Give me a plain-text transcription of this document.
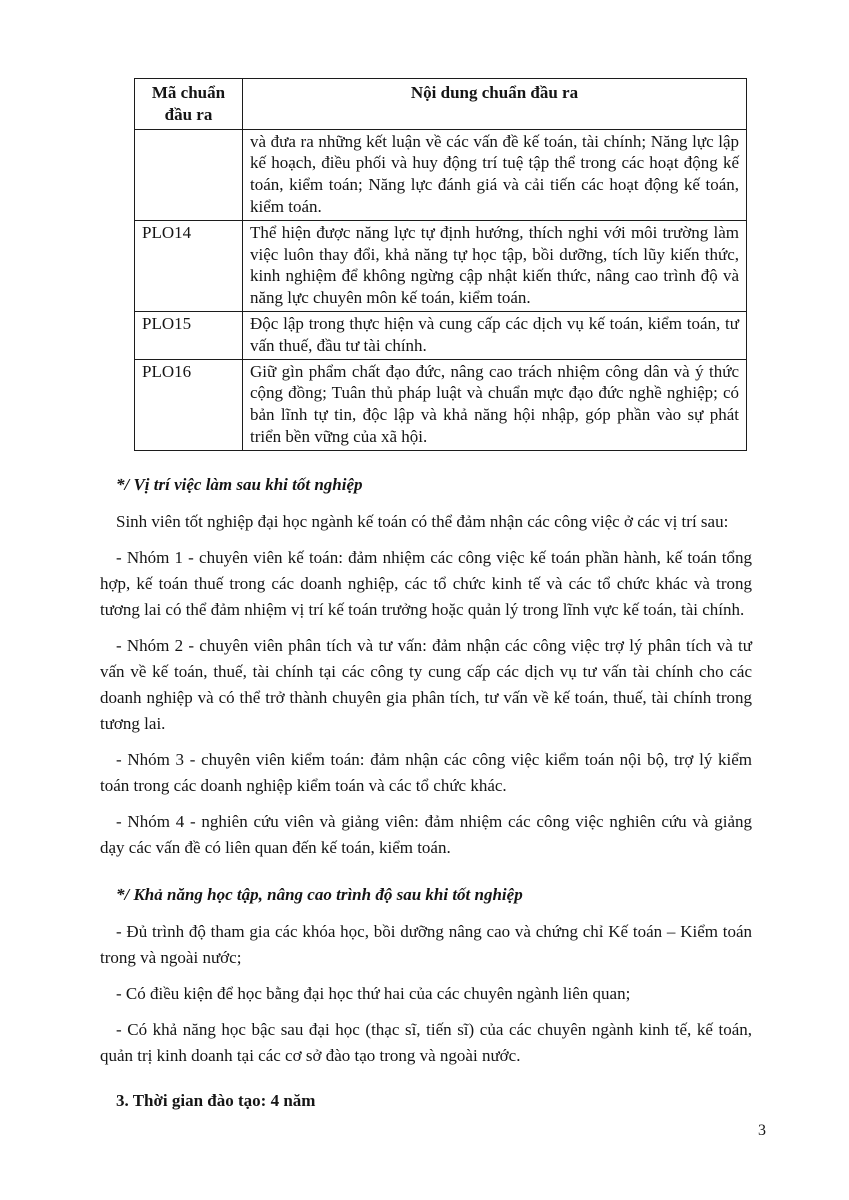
Mã chuẩn đầu ra	Nội dung chuẩn đầu ra
	và đưa ra những kết luận về các vấn đề kế toán, tài chính; Năng lực lập kế hoạch, điều phối và huy động trí tuệ tập thể trong các hoạt động kế toán, kiểm toán; Năng lực đánh giá và cải tiến các hoạt động kế toán, kiểm toán.
PLO14	Thể hiện được năng lực tự định hướng, thích nghi với môi trường làm việc luôn thay đổi, khả năng tự học tập, bồi dưỡng, tích lũy kiến thức, kinh nghiệm để không ngừng cập nhật kiến thức, nâng cao trình độ và năng lực chuyên môn kế toán, kiểm toán.
PLO15	Độc lập trong thực hiện và cung cấp các dịch vụ kế toán, kiểm toán, tư vấn thuế, đầu tư tài chính.
PLO16	Giữ gìn phẩm chất đạo đức, nâng cao trách nhiệm công dân và ý thức cộng đồng; Tuân thủ pháp luật và chuẩn mực đạo đức nghề nghiệp; có bản lĩnh tự tin, độc lập và khả năng hội nhập, góp phần vào sự phát triển bền vững của xã hội.
*/ Vị trí việc làm sau khi tốt nghiệp
Sinh viên tốt nghiệp đại học ngành kế toán có thể đảm nhận các công việc ở các vị trí sau:
- Nhóm 1 - chuyên viên kế toán: đảm nhiệm các công việc kế toán phần hành, kế toán tổng hợp, kế toán thuế trong các doanh nghiệp, các tổ chức kinh tế và các tổ chức khác và trong tương lai có thể đảm nhiệm vị trí kế toán trưởng hoặc quản lý trong lĩnh vực kế toán, tài chính.
- Nhóm 2 - chuyên viên phân tích và tư vấn: đảm nhận các công việc trợ lý phân tích và tư vấn về kế toán, thuế, tài chính tại các công ty cung cấp các dịch vụ tư vấn tài chính cho các doanh nghiệp và có thể trở thành chuyên gia phân tích, tư vấn về kế toán, thuế, tài chính trong tương lai.
- Nhóm 3 - chuyên viên kiểm toán: đảm nhận các công việc kiểm toán nội bộ, trợ lý kiểm toán trong các doanh nghiệp kiểm toán và các tổ chức khác.
- Nhóm 4 - nghiên cứu viên và giảng viên: đảm nhiệm các công việc nghiên cứu và giảng dạy các vấn đề có liên quan đến kế toán, kiểm toán.
*/ Khả năng học tập, nâng cao trình độ sau khi tốt nghiệp
- Đủ trình độ tham gia các khóa học, bồi dưỡng nâng cao và chứng chỉ Kế toán – Kiểm toán trong và ngoài nước;
- Có điều kiện để học bằng đại học thứ hai của các chuyên ngành liên quan;
- Có khả năng học bậc sau đại học (thạc sĩ, tiến sĩ) của các chuyên ngành kinh tế, kế toán, quản trị kinh doanh tại các cơ sở đào tạo trong và ngoài nước.
3. Thời gian đào tạo: 4 năm
3
